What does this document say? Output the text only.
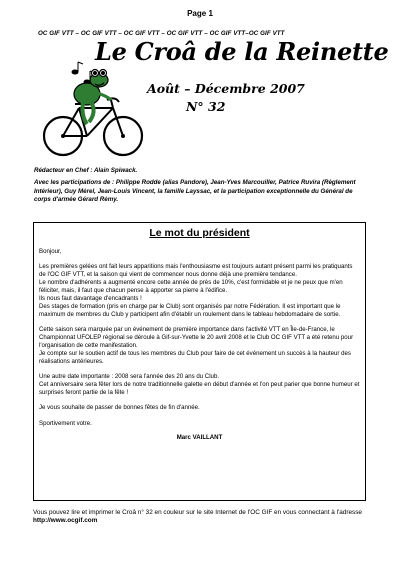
Page 1
OC GIF VTT – OC GIF VTT – OC GIF VTT – OC GIF VTT – OC GIF VTT–OC GIF VTT
Le Croâ de la Reinette
Août – Décembre 2007
N° 32

Rédacteur en Chef : Alain Spiwack.

Avec les participations de : Philippe Rodde (alias Pandore), Jean-Yves Marcouiller, Patrice Ruvira (Règlement Intérieur), Guy Mérel, Jean-Louis Vincent, la famille Layssac, et la participation exceptionnelle du Général de corps d'armée Gérard Rémy.

Le mot du président

Bonjour,

Les premières gelées ont fait leurs apparitions mais l'enthousiasme est toujours autant présent parmi les pratiquants de l'OC GIF VTT, et la saison qui vient de commencer nous donne déjà une première tendance.
Le nombre d'adhérents a augmenté encore cette année de près de 10%, c'est formidable et je ne peux que m'en féliciter, mais, il faut que chacun pense à apporter sa pierre à l'édifice.
Ils nous faut davantage d'encadrants !
Des stages de formation (pris en charge par le Club) sont organisés par notre Fédération. Il est important que le maximum de membres du Club y participent afin d'établir un roulement dans le tableau hebdomadaire de sortie.
Cette saison sera marquée par un événement de première importance dans l'activité VTT en Île-de-France, le Championnat UFOLEP régional se déroule à Gif-sur-Yvette le 20 avril 2008 et le Club OC GIF VTT a été retenu pour l'organisation de cette manifestation.
Je compte sur le soutien actif de tous les membres du Club pour faire de cet événement un succès à la hauteur des réalisations antérieures.
Une autre date importante : 2008 sera l'année des 20 ans du Club.
Cet anniversaire sera fêter lors de notre traditionnelle galette en début d'année et l'on peut parier que bonne humeur et surprises feront partie de la fête !

Je vous souhaite de passer de bonnes fêtes de fin d'année.

Sportivement votre.

Marc VAILLANT
Vous pouvez lire et imprimer le Croâ n° 32 en couleur sur le site Internet de l'OC GIF en vous connectant à l'adresse http://www.ocgif.com
